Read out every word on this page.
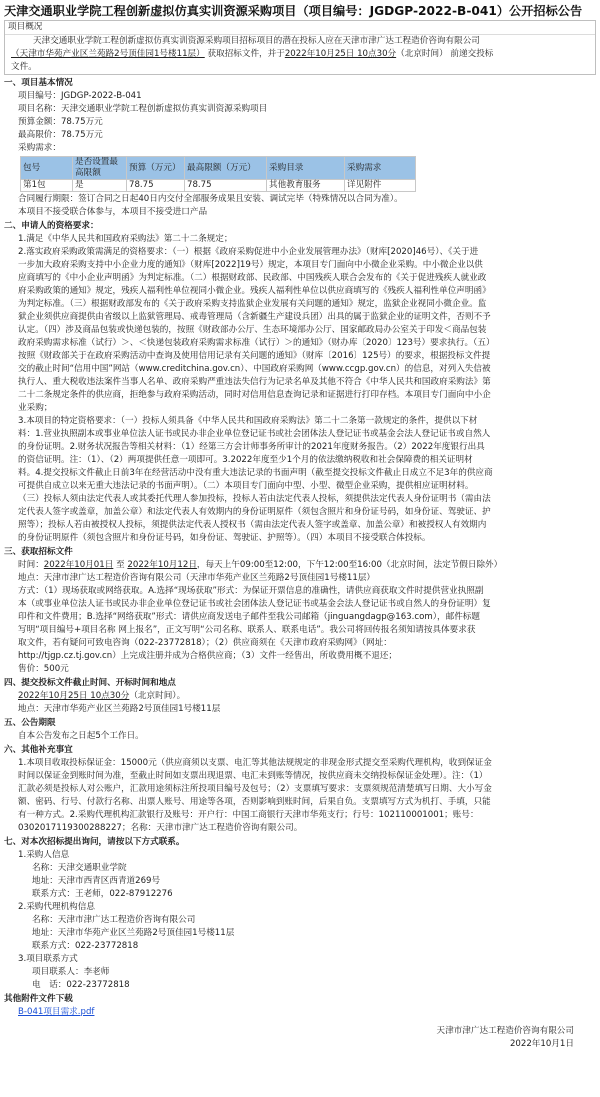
天津交通职业学院工程创新虚拟仿真实训资源采购项目（项目编号：JGDGP-2022-B-041）公开招标公告
项目概况

天津交通职业学院工程创新虚拟仿真实训资源采购项目招标项目的潜在投标人应在天津市津广达工程造价咨询有限公司

（天津市华苑产业区兰苑路2号顶佳园1号楼11层） 获取招标文件，并于2022年10月25日 10点30分（北京时间） 前递交投标

文件。

一、项目基本情况

项目编号：JGDGP-2022-B-041

项目名称：天津交通职业学院工程创新虚拟仿真实训资源采购项目

预算金额：78.75万元

最高限价：78.75万元

采购需求：

包号	是否设置最高限额	预算（万元）	最高限额（万元）	采购目录	采购需求
第1包	是	78.75	78.75	其他教育服务	详见附件

合同履行期限：签订合同之日起40日内交付全部服务成果且安装、调试完毕（特殊情况以合同为准）。

本项目不接受联合体参与，本项目不接受进口产品

二、申请人的资格要求：

1.满足《中华人民共和国政府采购法》第二十二条规定；

2.落实政府采购政策需满足的资格要求：（一）根据《政府采购促进中小企业发展管理办法》（财库[2020]46号）、《关于进

一步加大政府采购支持中小企业力度的通知》（财库[2022]19号）规定，本项目专门面向中小微企业采购。中小微企业以供

应商填写的《中小企业声明函》为判定标准。（二）根据财政部、民政部、中国残疾人联合会发布的《关于促进残疾人就业政

府采购政策的通知》规定，残疾人福利性单位视同小微企业。残疾人福利性单位以供应商填写的《残疾人福利性单位声明函》

为判定标准。（三）根据财政部发布的《关于政府采购支持监狱企业发展有关问题的通知》规定，监狱企业视同小微企业。监

狱企业须供应商提供由省级以上监狱管理局、戒毒管理局（含新疆生产建设兵团）出具的属于监狱企业的证明文件，否则不予

认定。（四）涉及商品包装或快递包装的，按照《财政部办公厅、生态环境部办公厅、国家邮政局办公室关于印发＜商品包装

政府采购需求标准（试行）＞、＜快递包装政府采购需求标准（试行）＞的通知》（财办库〔2020〕123号）要求执行。（五）

按照《财政部关于在政府采购活动中查询及使用信用记录有关问题的通知》（财库〔2016〕125号）的要求，根据投标文件提

交的截止时间“信用中国”网站（www.creditchina.gov.cn）、中国政府采购网（www.ccgp.gov.cn）的信息，对列入失信被

执行人、重大税收违法案件当事人名单、政府采购严重违法失信行为记录名单及其他不符合《中华人民共和国政府采购法》第

二十二条规定条件的供应商，拒绝参与政府采购活动，同时对信用信息查询记录和证据进行打印存档。本项目专门面向中小企

业采购；

3.本项目的特定资格要求：（一）投标人须具备《中华人民共和国政府采购法》第二十二条第一款规定的条件，提供以下材

料：1.营业执照副本或事业单位法人证书或民办非企业单位登记证书或社会团体法人登记证书或基金会法人登记证书或自然人

的身份证明。2.财务状况报告等相关材料：（1）经第三方会计师事务所审计的2021年度财务报告。（2）2022年度银行出具

的资信证明。注：（1）、（2）两项提供任意一项即可。3.2022年度至少1个月的依法缴纳税收和社会保障费的相关证明材

料。4.提交投标文件截止日前3年在经营活动中没有重大违法记录的书面声明（截至提交投标文件截止日成立不足3年的供应商

可提供自成立以来无重大违法记录的书面声明）。（二）本项目专门面向中型、小型、微型企业采购，提供相应证明材料。

（三）投标人须由法定代表人或其委托代理人参加投标，投标人若由法定代表人投标，须提供法定代表人身份证明书（需由法

定代表人签字或盖章，加盖公章）和法定代表人有效期内的身份证明原件（须包含照片和身份证号码，如身份证、驾驶证、护

照等）；投标人若由被授权人投标，须提供法定代表人授权书（需由法定代表人签字或盖章、加盖公章）和被授权人有效期内

的身份证明原件（须包含照片和身份证号码，如身份证、驾驶证、护照等）。（四）本项目不接受联合体投标。

三、获取招标文件

时间：2022年10月01日 至 2022年10月12日，每天上午09:00至12:00，下午12:00至16:00（北京时间，法定节假日除外）

地点：天津市津广达工程造价咨询有限公司（天津市华苑产业区兰苑路2号顶佳园1号楼11层）

方式：（1）现场获取或网络获取。A.选择“现场获取”形式：为保证开票信息的准确性，请供应商获取文件时提供营业执照副

本（或事业单位法人证书或民办非企业单位登记证书或社会团体法人登记证书或基金会法人登记证书或自然人的身份证明）复

印件和文件费用；B.选择“网络获取”形式：请供应商发送电子邮件至我公司邮箱（jinguangdagp@163.com），邮件标题

写明“项目编号+项目名称 网上报名”，正文写明“公司名称、联系人、联系电话”。我公司将回传报名须知请按具体要求获

取文件，若有疑问可致电咨询（022-23772818）；（2）供应商须在《天津市政府采购网》（网址：

http://tjgp.cz.tj.gov.cn）上完成注册并成为合格供应商；（3）文件一经售出，所收费用概不退还；

售价：500元

四、提交投标文件截止时间、开标时间和地点

2022年10月25日 10点30分（北京时间）。

地点：天津市华苑产业区兰苑路2号顶佳园1号楼11层

五、公告期限

自本公告发布之日起5个工作日。

六、其他补充事宜

1.本项目收取投标保证金：15000元（供应商须以支票、电汇等其他法规规定的非现金形式提交至采购代理机构，收到保证金

时间以保证金到账时间为准，至截止时间如支票出现退票、电汇未到账等情况，按供应商未交纳投标保证金处理）。注：（1）

汇款必须是投标人对公账户，汇款用途须标注所投项目编号及包号；（2）支票填写要求：支票须规范清楚填写日期、大小写金

额、密码、行号、付款行名称、出票人账号、用途等各项，否则影响到账时间，后果自负。支票填写方式为机打、手填，只能

有一种方式。2.采购代理机构汇款银行及账号：开户行：中国工商银行天津市华苑支行；行号：102110001001；账号：

0302017119300288227；名称：天津市津广达工程造价咨询有限公司。

七、对本次招标提出询问，请按以下方式联系。

1.采购人信息

名称：天津交通职业学院

地址：天津市西青区西青道269号

联系方式：王老师，022-87912276

2.采购代理机构信息

名称：天津市津广达工程造价咨询有限公司

地址：天津市华苑产业区兰苑路2号顶佳园1号楼11层

联系方式：022-23772818

3.项目联系方式

项目联系人：李老师

电　话：022-23772818

其他附件文件下载
B-041项目需求.pdf

天津市津广达工程造价咨询有限公司

2022年10月1日
